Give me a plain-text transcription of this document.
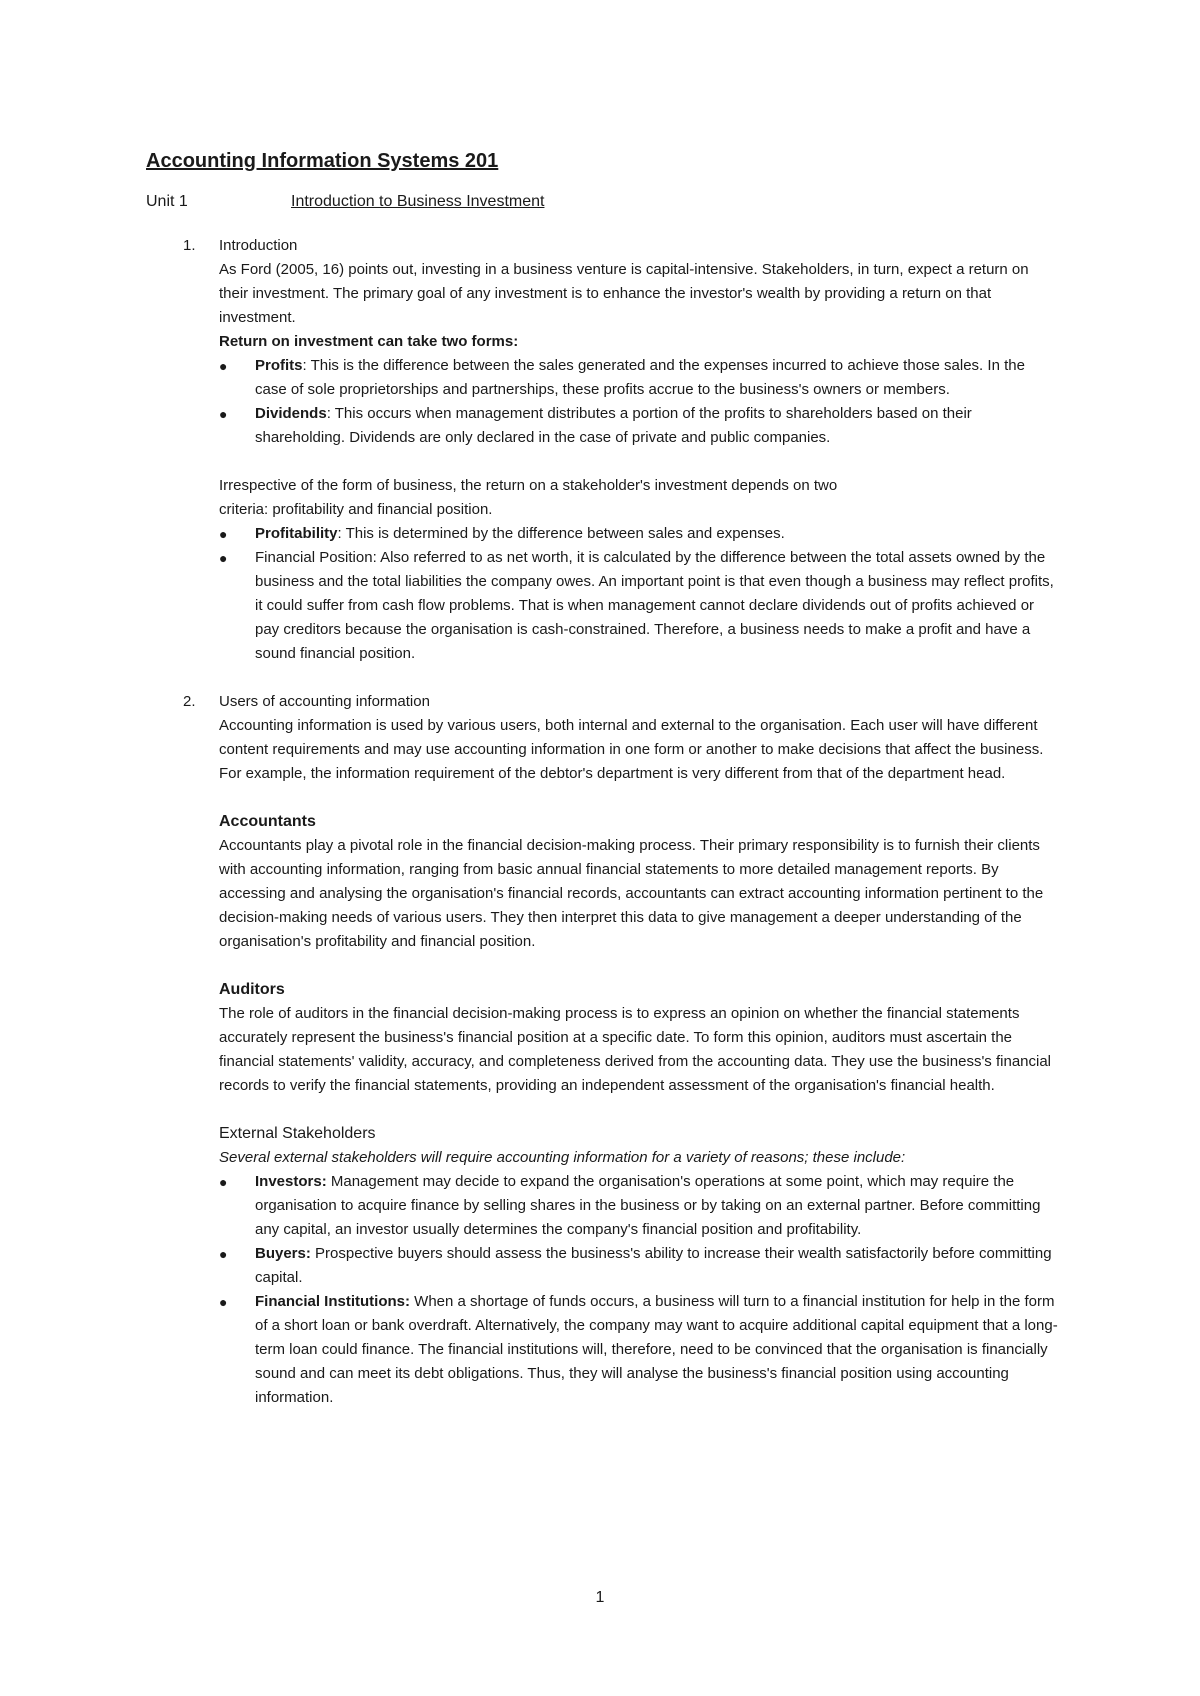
Accounting Information Systems 201
Unit 1	Introduction to Business Investment
1. Introduction

As Ford (2005, 16) points out, investing in a business venture is capital-intensive. Stakeholders, in turn, expect a return on their investment. The primary goal of any investment is to enhance the investor's wealth by providing a return on that investment.

Return on investment can take two forms:

●	Profits: This is the difference between the sales generated and the expenses incurred to achieve those sales. In the case of sole proprietorships and partnerships, these profits accrue to the business's owners or members.
●	Dividends: This occurs when management distributes a portion of the profits to shareholders based on their shareholding. Dividends are only declared in the case of private and public companies.

Irrespective of the form of business, the return on a stakeholder's investment depends on two

criteria: profitability and financial position.

●	Profitability: This is determined by the difference between sales and expenses.
●	Financial Position: Also referred to as net worth, it is calculated by the difference between the total assets owned by the business and the total liabilities the company owes. An important point is that even though a business may reflect profits, it could suffer from cash flow problems. That is when management cannot declare dividends out of profits achieved or pay creditors because the organisation is cash-constrained. Therefore, a business needs to make a profit and have a sound financial position.
2. Users of accounting information

Accounting information is used by various users, both internal and external to the organisation. Each user will have different content requirements and may use accounting information in one form or another to make decisions that affect the business. For example, the information requirement of the debtor's department is very different from that of the department head.

Accountants

Accountants play a pivotal role in the financial decision-making process. Their primary responsibility is to furnish their clients with accounting information, ranging from basic annual financial statements to more detailed management reports. By accessing and analysing the organisation's financial records, accountants can extract accounting information pertinent to the decision-making needs of various users. They then interpret this data to give management a deeper understanding of the organisation's profitability and financial position.

Auditors

The role of auditors in the financial decision-making process is to express an opinion on whether the financial statements accurately represent the business's financial position at a specific date. To form this opinion, auditors must ascertain the financial statements' validity, accuracy, and completeness derived from the accounting data. They use the business's financial records to verify the financial statements, providing an independent assessment of the organisation's financial health.

External Stakeholders

Several external stakeholders will require accounting information for a variety of reasons; these include:

●	Investors: Management may decide to expand the organisation's operations at some point, which may require the organisation to acquire finance by selling shares in the business or by taking on an external partner. Before committing any capital, an investor usually determines the company's financial position and profitability.
●	Buyers: Prospective buyers should assess the business's ability to increase their wealth satisfactorily before committing capital.
●	Financial Institutions: When a shortage of funds occurs, a business will turn to a financial institution for help in the form of a short loan or bank overdraft. Alternatively, the company may want to acquire additional capital equipment that a long-term loan could finance. The financial institutions will, therefore, need to be convinced that the organisation is financially sound and can meet its debt obligations. Thus, they will analyse the business's financial position using accounting information.
1
